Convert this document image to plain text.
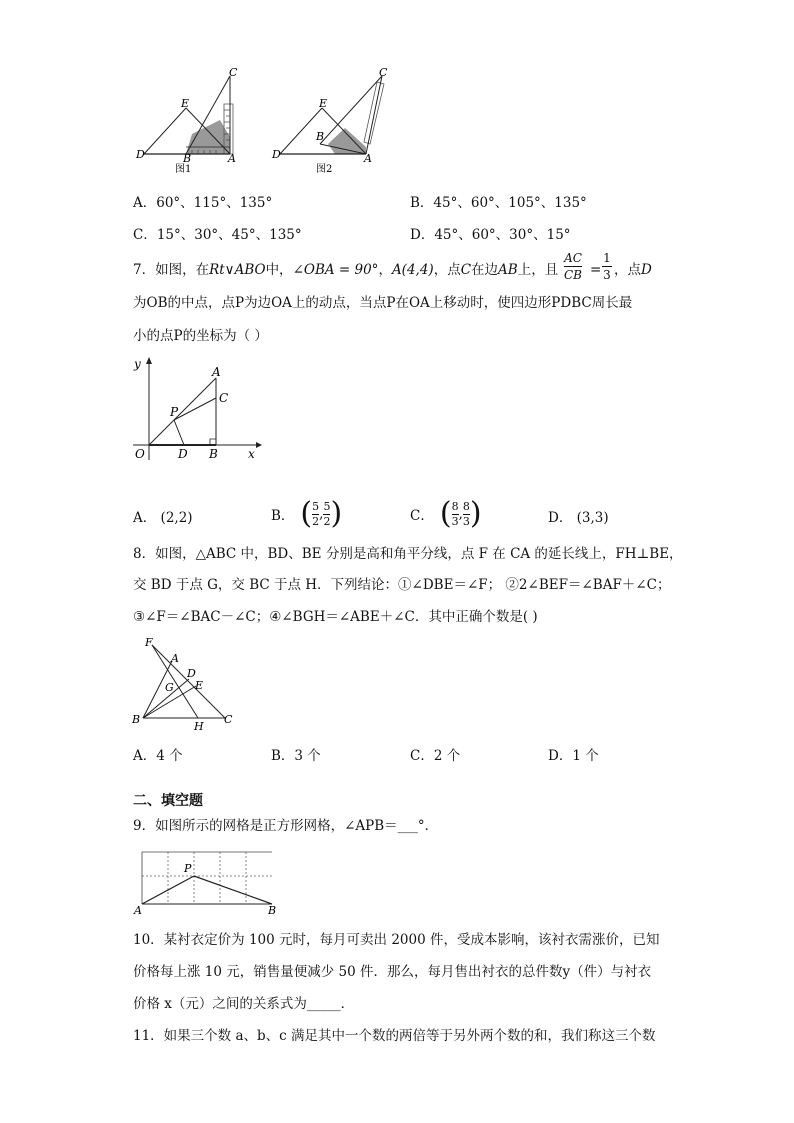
C
E
D	B	A
图1
C
E
B
D	A
图2
A．60°、115°、135°	B．45°、60°、105°、135°
C．15°、30°、45°、135°	D．45°、60°、30°、15°
7．如图，在Rt∨ABO中，∠OBA = 90°，A(4,4)，点C在边AB上，且
AC
CB =
1
3 ，点D
为OB的中点，点P为边OA上的动点，当点P在OA上移动时，使四边形PDBC周长最
小的点P的坐标为（ ）
y
x
O
A
C
P
D B
A． (2,2)	B． ( 5
2 , 5
2 )	C． ( 8
3 , 8
3 )	D． (3,3)
8．如图，△ABC 中，BD、BE 分别是高和角平分线，点 F 在 CA 的延长线上，FH⊥BE，
交 BD 于点 G，交 BC 于点 H．下列结论：①∠DBE＝∠F； ②2∠BEF＝∠BAF＋∠C；
③∠F＝∠BAC－∠C；④∠BGH＝∠ABE＋∠C．其中正确个数是( )
F
A
D
G E
B
H
C
A．4 个	B．3 个	C．2 个	D．1 个
二、填空题
9．如图所示的网格是正方形网格，∠APB＝___°．
P
A	B
10．某衬衣定价为 100 元时，每月可卖出 2000 件，受成本影响，该衬衣需涨价，已知
价格每上涨 10 元，销售量便减少 50 件．那么，每月售出衬衣的总件数y（件）与衬衣
价格 x（元）之间的关系式为_____．
11．如果三个数 a、b、c 满足其中一个数的两倍等于另外两个数的和，我们称这三个数
